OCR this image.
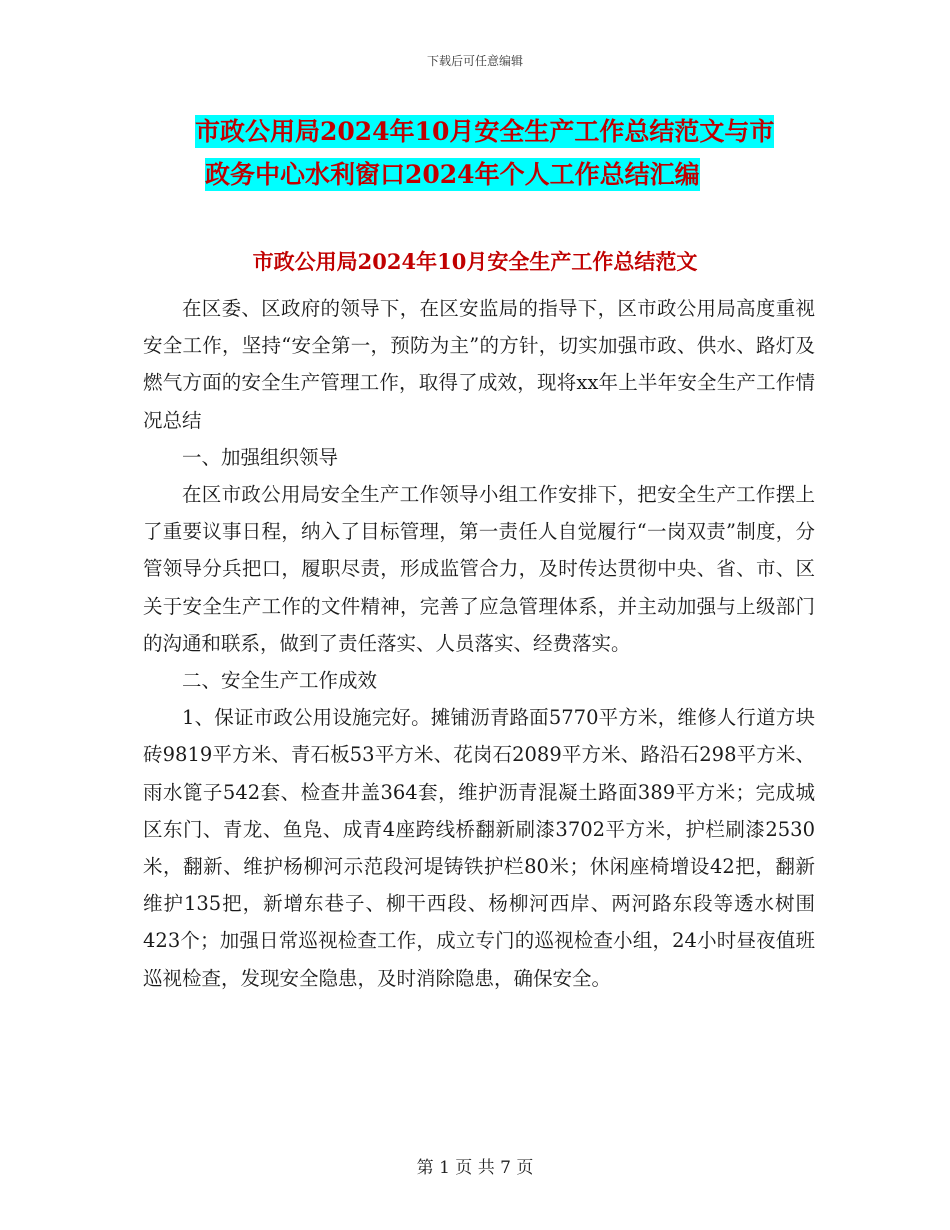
下载后可任意编辑
市政公用局2024年10月安全生产工作总结范文与市
政务中心水利窗口2024年个人工作总结汇编
市政公用局2024年10月安全生产工作总结范文

在区委、区政府的领导下，在区安监局的指导下，区市政公用局高度重视安全工作，坚持“安全第一，预防为主”的方针，切实加强市政、供水、路灯及燃气方面的安全生产管理工作，取得了成效，现将xx年上半年安全生产工作情况总结

一、加强组织领导

在区市政公用局安全生产工作领导小组工作安排下，把安全生产工作摆上了重要议事日程，纳入了目标管理，第一责任人自觉履行“一岗双责”制度，分管领导分兵把口，履职尽责，形成监管合力，及时传达贯彻中央、省、市、区关于安全生产工作的文件精神，完善了应急管理体系，并主动加强与上级部门的沟通和联系，做到了责任落实、人员落实、经费落实。

二、安全生产工作成效

1、保证市政公用设施完好。摊铺沥青路面5770平方米，维修人行道方块砖9819平方米、青石板53平方米、花岗石2089平方米、路沿石298平方米、雨水篦子542套、检查井盖364套，维护沥青混凝土路面389平方米；完成城区东门、青龙、鱼凫、成青4座跨线桥翻新刷漆3702平方米，护栏刷漆2530米，翻新、维护杨柳河示范段河堤铸铁护栏80米；休闲座椅增设42把，翻新维护135把，新增东巷子、柳干西段、杨柳河西岸、两河路东段等透水树围423个；加强日常巡视检查工作，成立专门的巡视检查小组，24小时昼夜值班巡视检查，发现安全隐患，及时消除隐患，确保安全。

第 1 页 共 7 页
